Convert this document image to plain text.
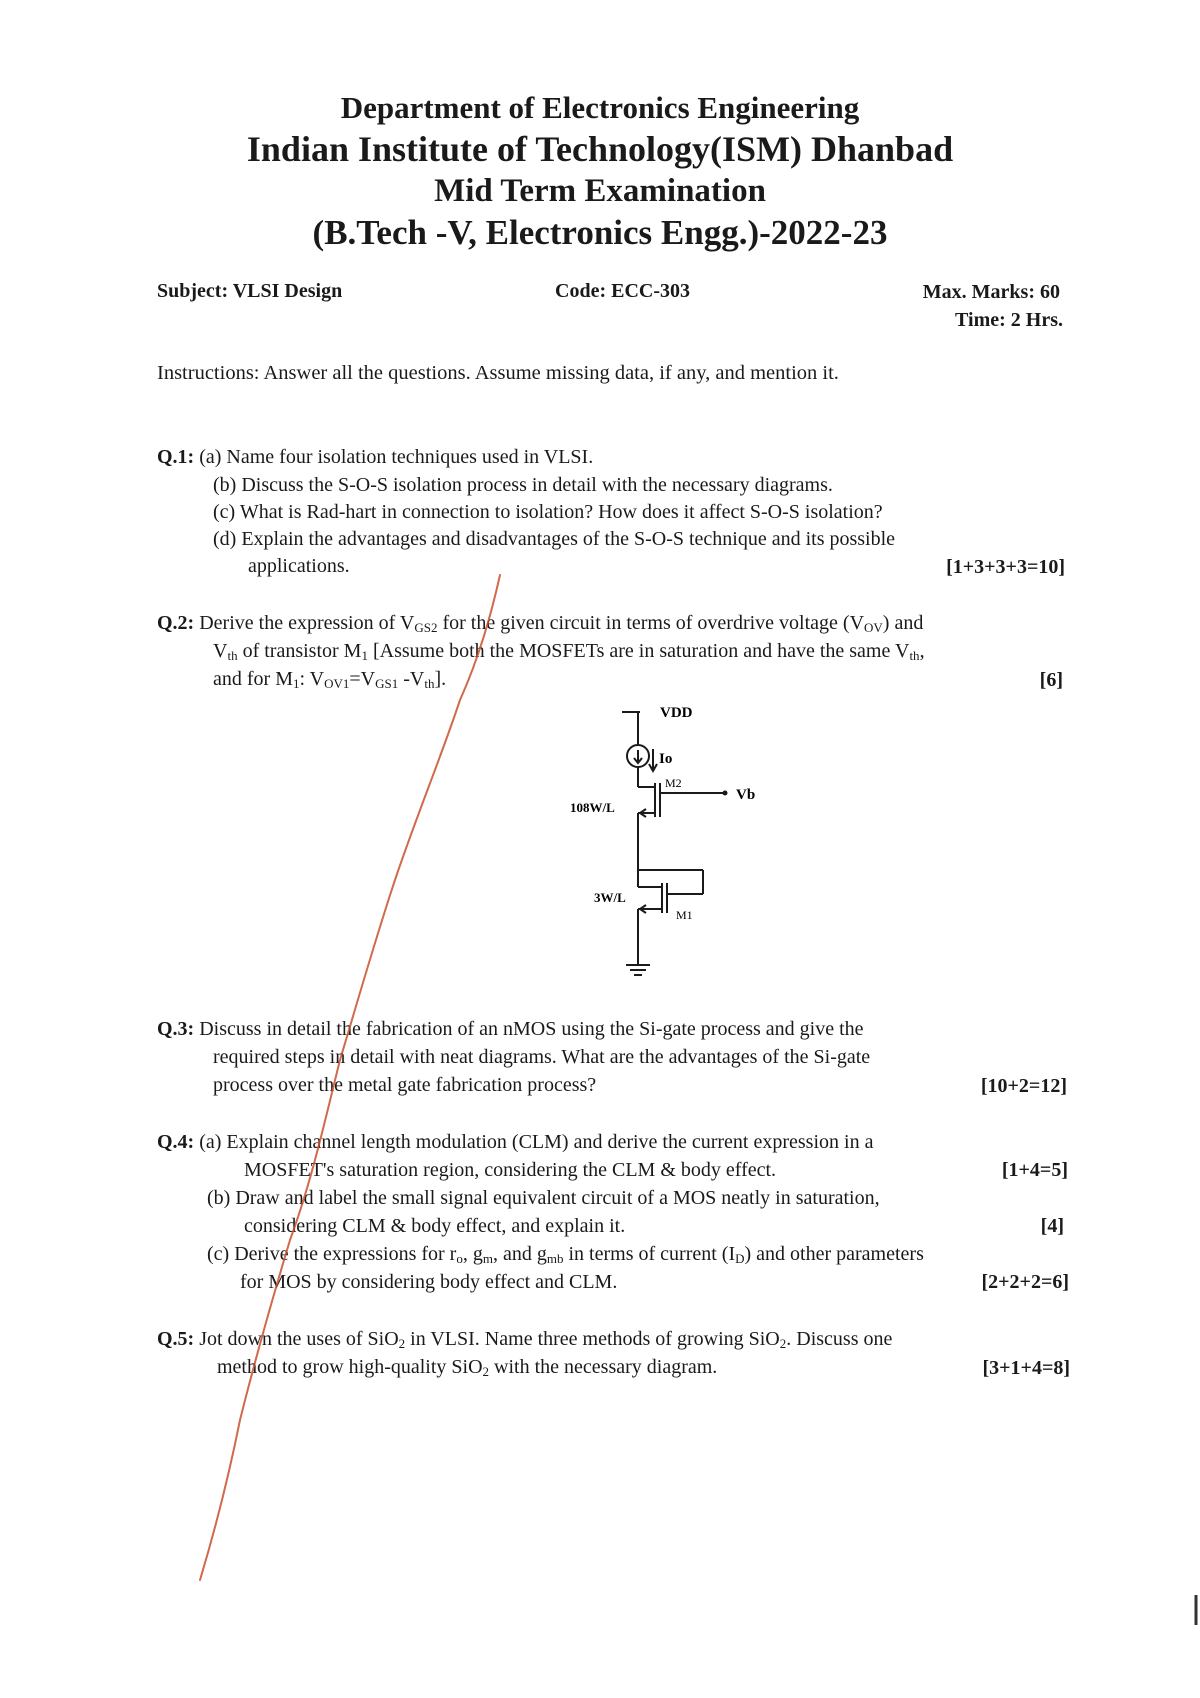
Department of Electronics Engineering
Indian Institute of Technology(ISM) Dhanbad
Mid Term Examination
(B.Tech -V, Electronics Engg.)-2022-23
Subject: VLSI Design	Code: ECC-303	Max. Marks: 60
Time: 2 Hrs.
Instructions: Answer all the questions. Assume missing data, if any, and mention it.
Q.1: (a) Name four isolation techniques used in VLSI.
(b) Discuss the S-O-S isolation process in detail with the necessary diagrams.
(c) What is Rad-hart in connection to isolation? How does it affect S-O-S isolation?
(d) Explain the advantages and disadvantages of the S-O-S technique and its possible
applications.	[1+3+3+3=10]
Q.2: Derive the expression of $V_{GS2}$ for the given circuit in terms of overdrive voltage $(V_{OV})$ and
$V_{th}$ of transistor $M_1$ [Assume both the MOSFETs are in saturation and have the same $V_{th}$,
and for $M_1$: $V_{OV1}=V_{GS1}$ $-V_{th}$].	[6]
VDD
Io
M2
Vb
108W/L
3W/L
M1
Q.3: Discuss in detail the fabrication of an nMOS using the Si-gate process and give the
required steps in detail with neat diagrams. What are the advantages of the Si-gate
process over the metal gate fabrication process?	[10+2=12]
Q.4: (a) Explain channel length modulation (CLM) and derive the current expression in a
MOSFET's saturation region, considering the CLM & body effect.	[1+4=5]
(b) Draw and label the small signal equivalent circuit of a MOS neatly in saturation,
considering CLM & body effect, and explain it.	[4]
(c) Derive the expressions for $r_o$, $g_m$, and $g_{mb}$ in terms of current $(I_D)$ and other parameters
for MOS by considering body effect and CLM.	[2+2+2=6]
Q.5: Jot down the uses of SiO$_2$ in VLSI. Name three methods of growing SiO$_2$. Discuss one
method to grow high-quality SiO$_2$ with the necessary diagram.	[3+1+4=8]
